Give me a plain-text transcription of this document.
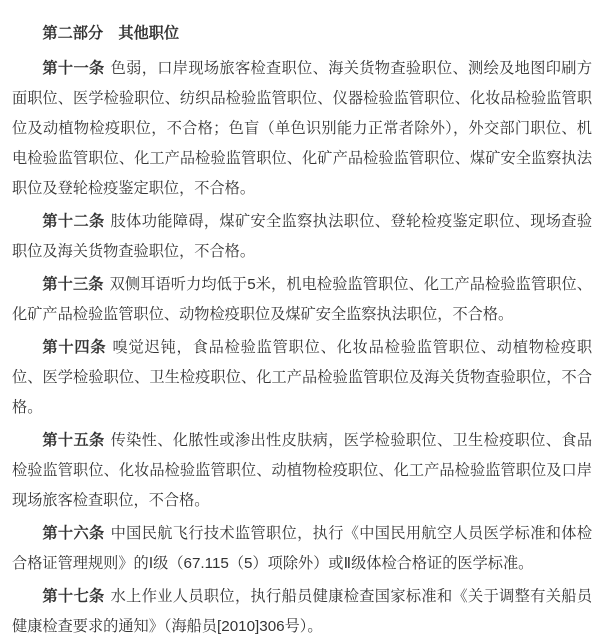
第二部分　其他职位

第十一条 色弱，口岸现场旅客检查职位、海关货物查验职位、测绘及地图印刷方面职位、医学检验职位、纺织品检验监管职位、仪器检验监管职位、化妆品检验监管职位及动植物检疫职位，不合格；色盲（单色识别能力正常者除外），外交部门职位、机电检验监管职位、化工产品检验监管职位、化矿产品检验监管职位、煤矿安全监察执法职位及登轮检疫鉴定职位，不合格。

第十二条 肢体功能障碍，煤矿安全监察执法职位、登轮检疫鉴定职位、现场查验职位及海关货物查验职位，不合格。

第十三条 双侧耳语听力均低于5米，机电检验监管职位、化工产品检验监管职位、化矿产品检验监管职位、动物检疫职位及煤矿安全监察执法职位，不合格。

第十四条 嗅觉迟钝，食品检验监管职位、化妆品检验监管职位、动植物检疫职位、医学检验职位、卫生检疫职位、化工产品检验监管职位及海关货物查验职位，不合格。

第十五条 传染性、化脓性或渗出性皮肤病，医学检验职位、卫生检疫职位、食品检验监管职位、化妆品检验监管职位、动植物检疫职位、化工产品检验监管职位及口岸现场旅客检查职位，不合格。

第十六条 中国民航飞行技术监管职位，执行《中国民用航空人员医学标准和体检合格证管理规则》的Ⅰ级（67.115（5）项除外）或Ⅱ级体检合格证的医学标准。

第十七条 水上作业人员职位，执行船员健康检查国家标准和《关于调整有关船员健康检查要求的通知》（海船员[2010]306号）。
